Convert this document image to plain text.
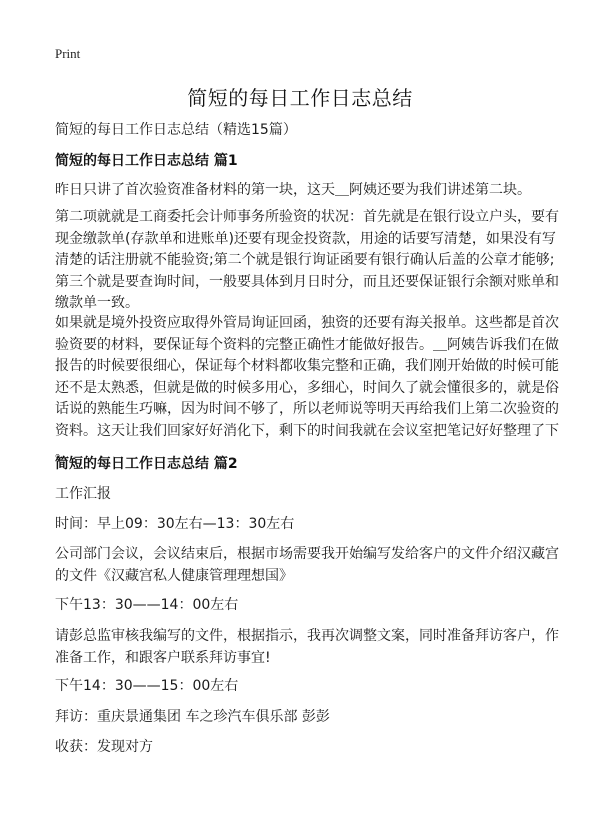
Print
简短的每日工作日志总结
简短的每日工作日志总结（精选15篇）
简短的每日工作日志总结 篇1
昨日只讲了首次验资准备材料的第一块，这天＿阿姨还要为我们讲述第二块。
第二项就就是工商委托会计师事务所验资的状况：首先就是在银行设立户头，要有
现金缴款单(存款单和进账单)还要有现金投资款，用途的话要写清楚，如果没有写
清楚的话注册就不能验资;第二个就是银行询证函要有银行确认后盖的公章才能够;
第三个就是要查询时间，一般要具体到月日时分，而且还要保证银行余额对账单和
缴款单一致。
如果就是境外投资应取得外管局询证回函，独资的还要有海关报单。这些都是首次
验资要的材料，要保证每个资料的完整正确性才能做好报告。＿阿姨告诉我们在做
报告的时候要很细心，保证每个材料都收集完整和正确，我们刚开始做的时候可能
还不是太熟悉，但就是做的时候多用心，多细心，时间久了就会懂很多的，就是俗
话说的熟能生巧嘛，因为时间不够了，所以老师说等明天再给我们上第二次验资的
资料。这天让我们回家好好消化下，剩下的时间我就在会议室把笔记好好整理了下
。
简短的每日工作日志总结 篇2
工作汇报
时间：早上09：30左右—13：30左右
公司部门会议，会议结束后，根据市场需要我开始编写发给客户的文件介绍汉藏宫
的文件《汉藏宫私人健康管理理想国》
下午13：30——14：00左右
请彭总监审核我编写的文件，根据指示，我再次调整文案，同时准备拜访客户，作
准备工作，和跟客户联系拜访事宜!
下午14：30——15：00左右
拜访：重庆景通集团 车之珍汽车俱乐部 彭彭
收获：发现对方
